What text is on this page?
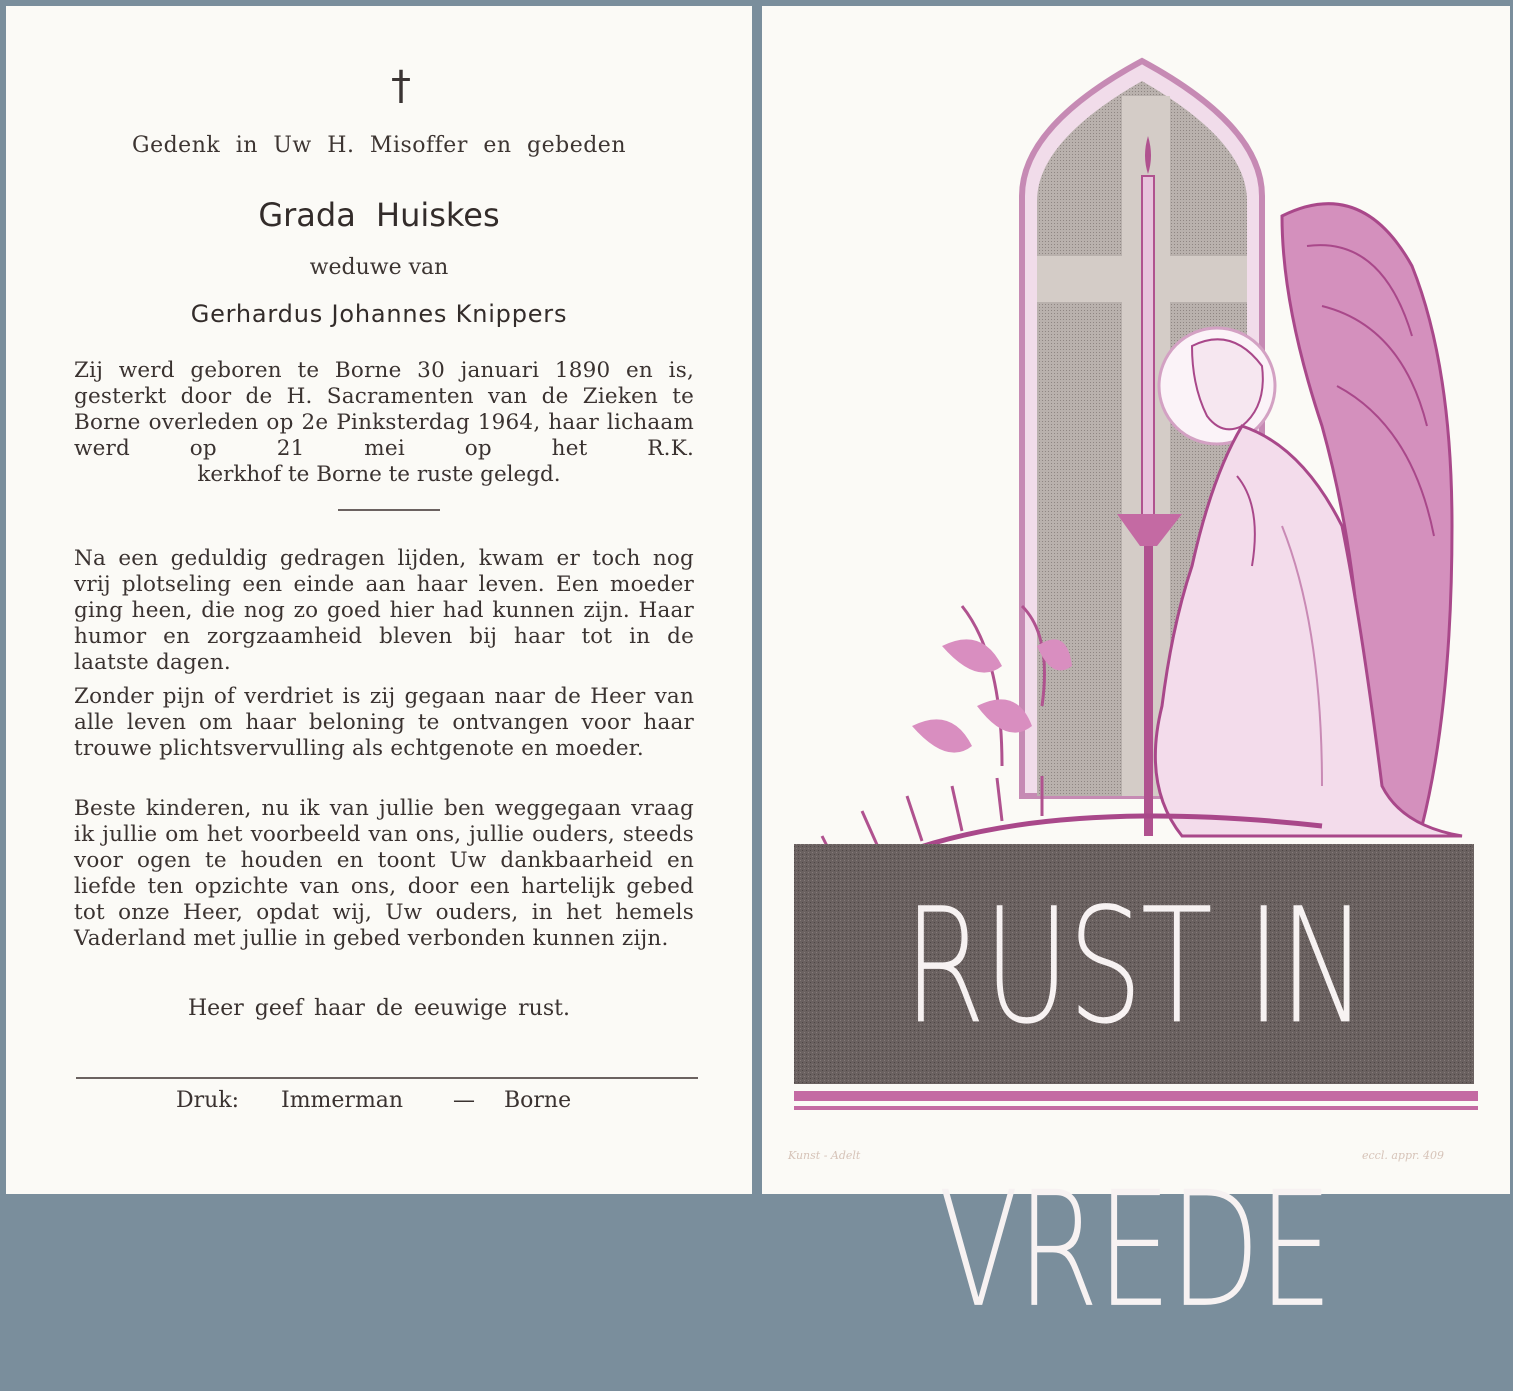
†
Gedenk in Uw H. Misoffer en gebeden
Grada Huiskes
weduwe van
Gerhardus Johannes Knippers

Zij werd geboren te Borne 30 januari 1890 en is, gesterkt door de H. Sacramenten van de Zieken te Borne overleden op 2e Pinksterdag 1964, haar lichaam werd op 21 mei op het R.K.

kerkhof te Borne te ruste gelegd.

Na een geduldig gedragen lijden, kwam er toch nog vrij plotseling een einde aan haar leven. Een moeder ging heen, die nog zo goed hier had kunnen zijn. Haar humor en zorgzaamheid bleven bij haar tot in de laatste dagen.

Zonder pijn of verdriet is zij gegaan naar de Heer van alle leven om haar beloning te ontvangen voor haar trouwe plichtsvervulling als echtgenote en moeder.

Beste kinderen, nu ik van jullie ben weggegaan vraag ik jullie om het voorbeeld van ons, jullie ouders, steeds voor ogen te houden en toont Uw dankbaarheid en liefde ten opzichte van ons, door een hartelijk gebed tot onze Heer, opdat wij, Uw ouders, in het hemels Vaderland met jullie in gebed verbonden kunnen zijn.

Heer geef haar de eeuwige rust.
Druk: Immerman — Borne
RUST IN VREDE
Kunst - Adelt	eccl. appr. 409
